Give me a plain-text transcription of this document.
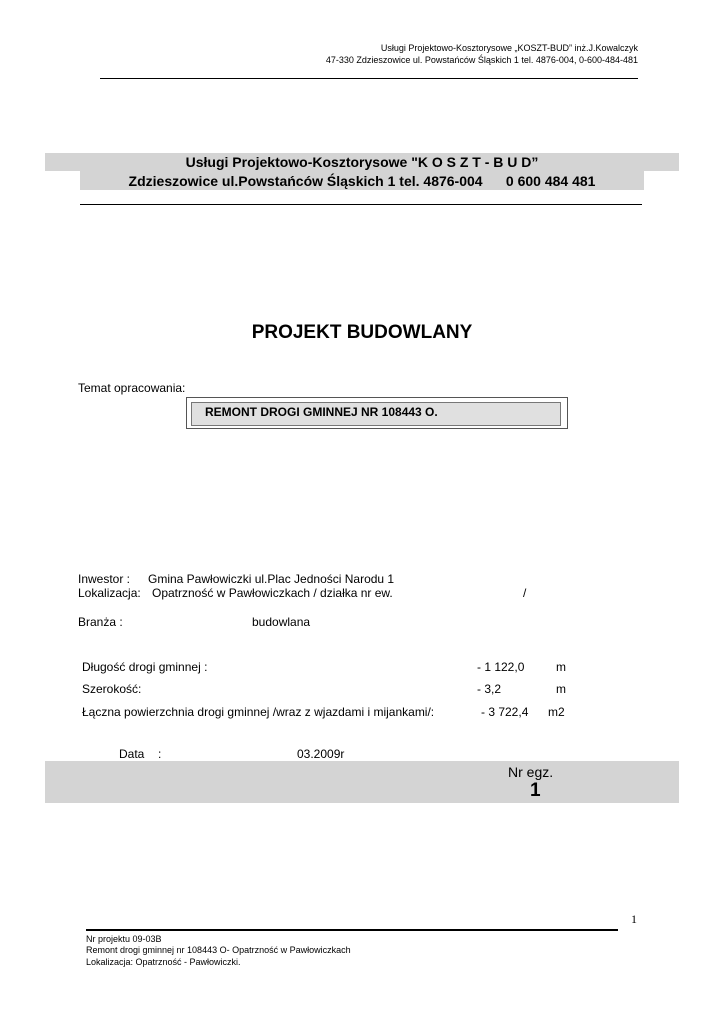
Usługi Projektowo-Kosztorysowe „KOSZT-BUD” inż.J.Kowalczyk
47-330 Zdzieszowice ul. Powstańców Śląskich 1 tel. 4876-004, 0-600-484-481
Usługi Projektowo-Kosztorysowe "K O S Z T - B U D”
Zdzieszowice ul.Powstańców Śląskich 1 tel. 4876-004      0 600 484 481
PROJEKT BUDOWLANY
Temat opracowania:
REMONT DROGI GMINNEJ NR 108443 O.
Inwestor : Gmina Pawłowiczki ul.Plac Jedności Narodu 1
Lokalizacja: Opatrzność w Pawłowiczkach / działka nr ew.	/
Branża :	budowlana
Długość drogi gminnej :	- 1 122,0	m
Szerokość:	- 3,2	m
Łączna powierzchnia drogi gminnej /wraz z wjazdami i mijankami/:	- 3 722,4 m2
Data :	03.2009r
Nr egz.
1
1
Nr projektu 09-03B
Remont drogi gminnej nr 108443 O- Opatrzność w Pawłowiczkach
Lokalizacja: Opatrzność - Pawłowiczki.
